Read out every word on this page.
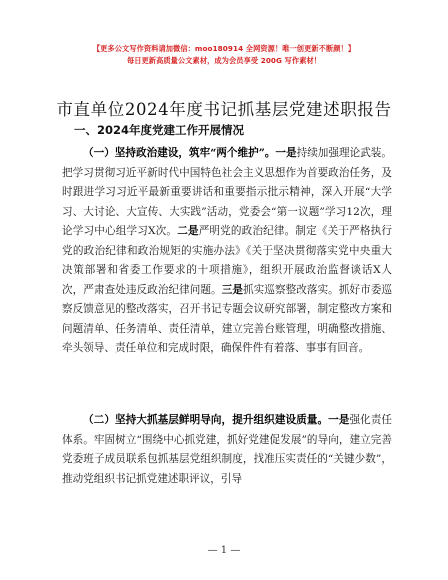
【更多公文写作资料请加微信：moo180914 全网资源！唯一创更新不断颜！】
每日更新高质量公文素材，成为会员享受 200G 写作素材！
市直单位2024年度书记抓基层党建述职报告
一、2024年度党建工作开展情况

（一）坚持政治建设，筑牢“两个维护”。一是持续加强理论武装。把学习贯彻习近平新时代中国特色社会主义思想作为首要政治任务，及时跟进学习习近平最新重要讲话和重要指示批示精神，深入开展“大学习、大讨论、大宣传、大实践”活动，党委会“第一议题”学习12次，理论学习中心组学习X次。二是严明党的政治纪律。制定《关于严格执行党的政治纪律和政治规矩的实施办法》《关于坚决贯彻落实党中央重大决策部署和省委工作要求的十项措施》，组织开展政治监督谈话X人次，严肃查处违反政治纪律问题。三是抓实巡察整改落实。抓好市委巡察反馈意见的整改落实，召开书记专题会议研究部署，制定整改方案和问题清单、任务清单、责任清单，建立完善台账管理，明确整改措施、牵头领导、责任单位和完成时限，确保件件有着落、事事有回音。

（二）坚持大抓基层鲜明导向，提升组织建设质量。一是强化责任体系。牢固树立“围绕中心抓党建，抓好党建促发展”的导向，建立完善党委班子成员联系包抓基层党组织制度，找准压实责任的“关键少数”，推动党组织书记抓党建述职评议，引导

— 1 —
